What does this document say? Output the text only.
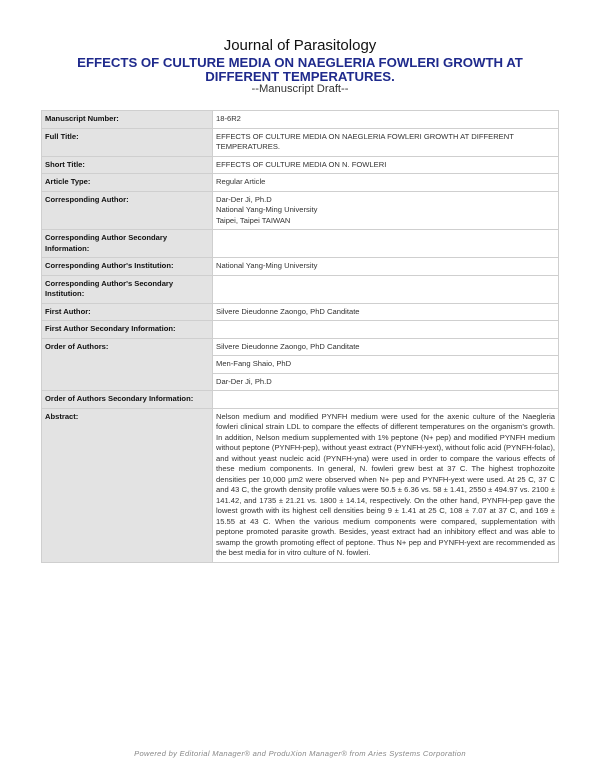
Journal of Parasitology
EFFECTS OF CULTURE MEDIA ON NAEGLERIA FOWLERI GROWTH AT DIFFERENT TEMPERATURES.
--Manuscript Draft--
Manuscript Number:	18-6R2
Full Title:	EFFECTS OF CULTURE MEDIA ON NAEGLERIA FOWLERI GROWTH AT DIFFERENT TEMPERATURES.
Short Title:	EFFECTS OF CULTURE MEDIA ON N. FOWLERI
Article Type:	Regular Article
Corresponding Author:	Dar-Der Ji, Ph.D
National Yang-Ming University
Taipei, Taipei TAIWAN

Corresponding Author Secondary Information:	
Corresponding Author's Institution:	National Yang-Ming University
Corresponding Author's Secondary Institution:	
First Author:	Silvere Dieudonne Zaongo, PhD Canditate
First Author Secondary Information:	
Order of Authors:	Silvere Dieudonne Zaongo, PhD Canditate
	Men-Fang Shaio, PhD
	Dar-Der Ji, Ph.D
Order of Authors Secondary Information:	
Abstract:	Nelson medium and modified PYNFH medium were used for the axenic culture of the Naegleria fowleri clinical strain LDL to compare the effects of different temperatures on the organism's growth. In addition, Nelson medium supplemented with 1% peptone (N+ pep) and modified PYNFH medium without peptone (PYNFH-pep), without yeast extract (PYNFH-yext), without folic acid (PYNFH-folac), and without yeast nucleic acid (PYNFH-yna) were used in order to compare the various effects of these medium components. In general, N. fowleri grew best at 37 C. The highest trophozoite densities per 10,000 µm2 were observed when N+ pep and PYNFH-yext were used. At 25 C, 37 C and 43 C, the growth density profile values were 50.5 ± 6.36 vs. 58 ± 1.41, 2550 ± 494.97 vs. 2100 ± 141.42, and 1735 ± 21.21 vs. 1800 ± 14.14, respectively. On the other hand, PYNFH-pep gave the lowest growth with its highest cell densities being 9 ± 1.41 at 25 C, 108 ± 7.07 at 37 C, and 169 ± 15.55 at 43 C. When the various medium components were compared, supplementation with peptone promoted parasite growth. Besides, yeast extract had an inhibitory effect and was able to swamp the growth promoting effect of peptone. Thus N+ pep and PYNFH-yext are recommended as the best media for in vitro culture of N. fowleri.
Powered by Editorial Manager® and ProduXion Manager® from Aries Systems Corporation
